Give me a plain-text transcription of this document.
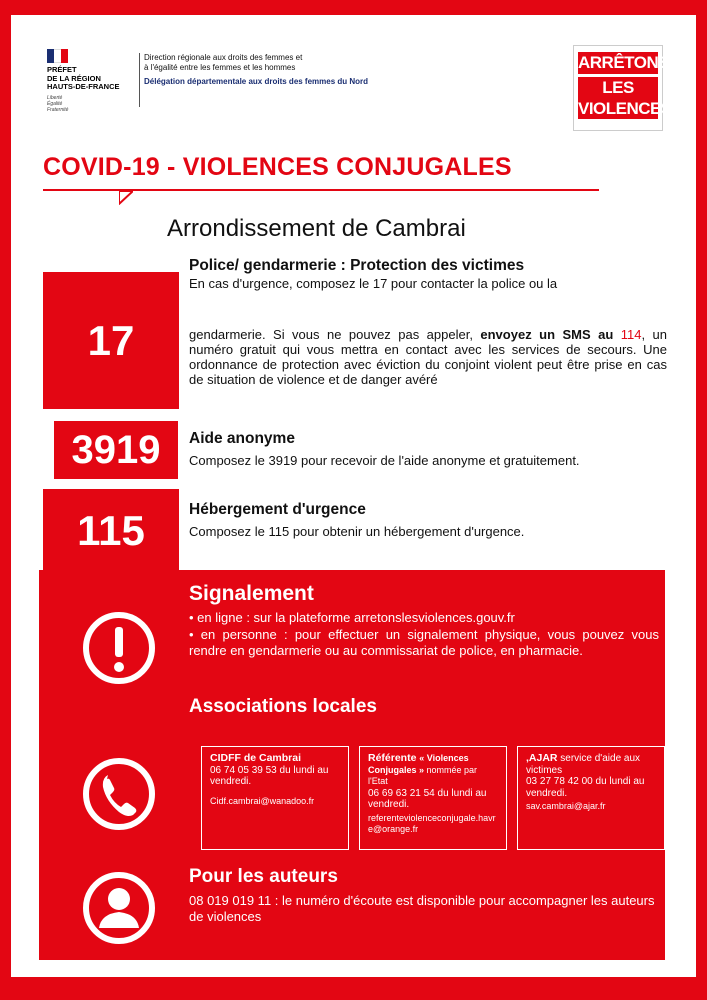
PRÉFET
DE LA RÉGION
HAUTS-DE-FRANCE
Liberté
Égalité
Fraternité
Direction régionale aux droits des femmes et
à l'égalité entre les femmes et les hommes
Délégation départementale aux droits des femmes du Nord
ARRÊTONS
LES
VIOLENCES
COVID-19 - VIOLENCES CONJUGALES
Arrondissement de Cambrai
17
Police/ gendarmerie : Protection des victimes
En cas d'urgence, composez le 17 pour contacter la police ou la
gendarmerie. Si vous ne pouvez pas appeler, envoyez un SMS au 114, un numéro gratuit qui vous mettra en contact avec les services de secours. Une ordonnance de protection avec éviction du conjoint violent peut être prise en cas de situation de violence et de danger avéré
3919	Aide anonyme
Composez le 3919 pour recevoir de l'aide anonyme et gratuitement.
115	Hébergement d'urgence
Composez le 115 pour obtenir un hébergement d'urgence.
Signalement
• en ligne : sur la plateforme arretonslesviolences.gouv.fr
• en personne : pour effectuer un signalement physique, vous pouvez vous rendre en gendarmerie ou au commissariat de police, en pharmacie.
Associations locales
CIDFF de Cambrai
06 74 05 39 53 du lundi au vendredi.
Cidf.cambrai@wanadoo.fr
Référente « Violences Conjugales » nommée par l'Etat
06 69 63 21 54 du lundi au vendredi.
referenteviolenceconjugale.havre@orange.fr
,AJAR service d'aide aux victimes
03 27 78 42 00 du lundi au vendredi.
sav.cambrai@ajar.fr
Pour les auteurs
08 019 019 11 : le numéro d'écoute est disponible pour accompagner les auteurs de violences
